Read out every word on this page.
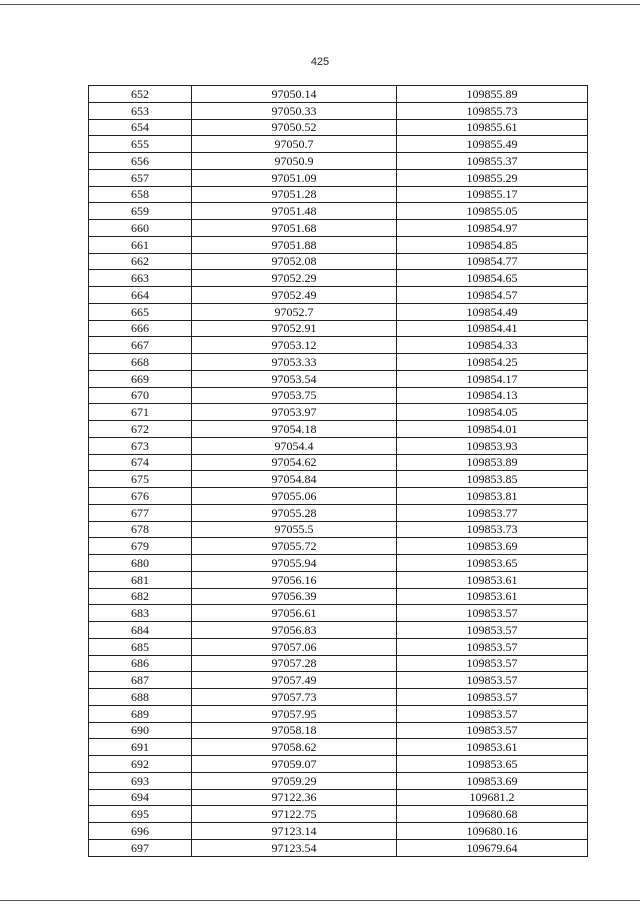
425
652	97050.14	109855.89
653	97050.33	109855.73
654	97050.52	109855.61
655	97050.7	109855.49
656	97050.9	109855.37
657	97051.09	109855.29
658	97051.28	109855.17
659	97051.48	109855.05
660	97051.68	109854.97
661	97051.88	109854.85
662	97052.08	109854.77
663	97052.29	109854.65
664	97052.49	109854.57
665	97052.7	109854.49
666	97052.91	109854.41
667	97053.12	109854.33
668	97053.33	109854.25
669	97053.54	109854.17
670	97053.75	109854.13
671	97053.97	109854.05
672	97054.18	109854.01
673	97054.4	109853.93
674	97054.62	109853.89
675	97054.84	109853.85
676	97055.06	109853.81
677	97055.28	109853.77
678	97055.5	109853.73
679	97055.72	109853.69
680	97055.94	109853.65
681	97056.16	109853.61
682	97056.39	109853.61
683	97056.61	109853.57
684	97056.83	109853.57
685	97057.06	109853.57
686	97057.28	109853.57
687	97057.49	109853.57
688	97057.73	109853.57
689	97057.95	109853.57
690	97058.18	109853.57
691	97058.62	109853.61
692	97059.07	109853.65
693	97059.29	109853.69
694	97122.36	109681.2
695	97122.75	109680.68
696	97123.14	109680.16
697	97123.54	109679.64
